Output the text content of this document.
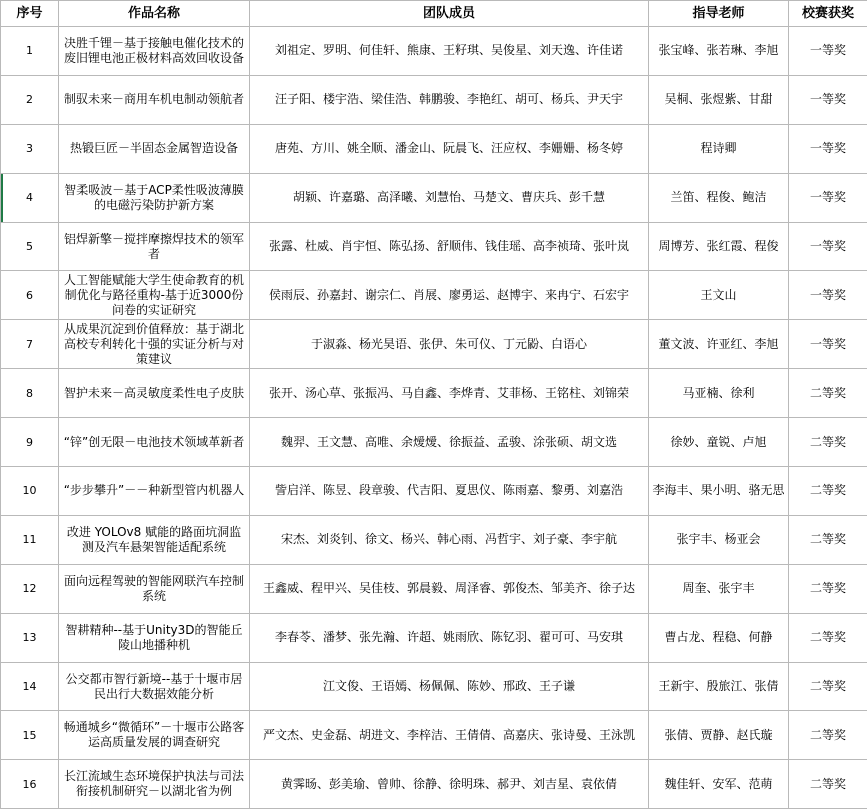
序号	作品名称	团队成员	指导老师	校赛获奖
1	决胜千锂－基于接触电催化技术的废旧锂电池正极材料高效回收设备	刘祖定、罗明、何佳轩、熊康、王籽琪、吴俊星、刘天逸、许佳诺	张宝峰、张若琳、李旭	一等奖
2	制驭未来－商用车机电制动领航者	汪子阳、楼宇浩、梁佳浩、韩鹏骏、李艳红、胡可、杨兵、尹天宇	吴桐、张煜紫、甘甜	一等奖
3	热锻巨匠－半固态金属智造设备	唐苑、方川、姚全顺、潘金山、阮晨飞、汪应权、李姗姗、杨冬婷	程诗卿	一等奖
4	智柔吸波－基于ACP柔性吸波薄膜的电磁污染防护新方案	胡颖、许嘉璐、高泽曦、刘慧怡、马楚文、曹庆兵、彭千慧	兰笛、程俊、鲍洁	一等奖
5	铝焊新擎－搅拌摩擦焊技术的领军者	张露、杜威、肖宇恒、陈弘扬、舒顺伟、钱佳瑶、高李祯琦、张叶岚	周博芳、张红霞、程俊	一等奖
6	人工智能赋能大学生使命教育的机制优化与路径重构-基于近3000份问卷的实证研究	侯雨辰、孙嘉封、谢宗仁、肖展、廖勇运、赵博宇、来冉宁、石宏宇	王文山	一等奖
7	从成果沉淀到价值释放：基于湖北高校专利转化十强的实证分析与对策建议	于淑淼、杨光昊语、张伊、朱可仪、丁元鼢、白语心	董文波、许亚红、李旭	一等奖
8	智护未来－高灵敏度柔性电子皮肤	张开、汤心草、张振冯、马自鑫、李烨青、艾菲杨、王铭柱、刘锦荣	马亚楠、徐利	二等奖
9	“锌”创无限－电池技术领域革新者	魏羿、王文慧、高唯、余燰燰、徐振益、孟骏、涂张硕、胡文选	徐妙、童锐、卢旭	二等奖
10	“步步攀升”－－种新型管内机器人	訾启洋、陈昱、段章骏、代吉阳、夏思仪、陈雨嘉、黎勇、刘嘉浩	李海丰、果小明、骆无思	二等奖
11	改进 YOLOv8 赋能的路面坑洞监测及汽车悬架智能适配系统	宋杰、刘炎钊、徐文、杨兴、韩心雨、冯哲宇、刘子豪、李宇航	张宇丰、杨亚会	二等奖
12	面向远程驾驶的智能网联汽车控制系统	王鑫威、程甲兴、吴佳枝、郭晨毅、周泽睿、郭俊杰、邹美齐、徐子达	周奎、张宇丰	二等奖
13	智耕精种--基于Unity3D的智能丘陵山地播种机	李春苓、潘梦、张先瀚、许超、姚雨欣、陈钇羽、翟可可、马安琪	曹占龙、程稳、何静	二等奖
14	公交都市智行新境--基于十堰市居民出行大数据效能分析	江文俊、王语嫣、杨佩佩、陈妙、邢政、王子谦	王新宇、殷旅江、张倩	二等奖
15	畅通城乡“微循环”－十堰市公路客运高质量发展的调查研究	严文杰、史金磊、胡进文、李梓洁、王倩倩、高嘉庆、张诗曼、王泳凯	张倩、贾静、赵氏璇	二等奖
16	长江流域生态环境保护执法与司法衔接机制研究－以湖北省为例	黄霁旸、彭美瑜、曾帅、徐静、徐明珠、郝尹、刘吉星、袁依倩	魏佳轩、安军、范萌	二等奖
